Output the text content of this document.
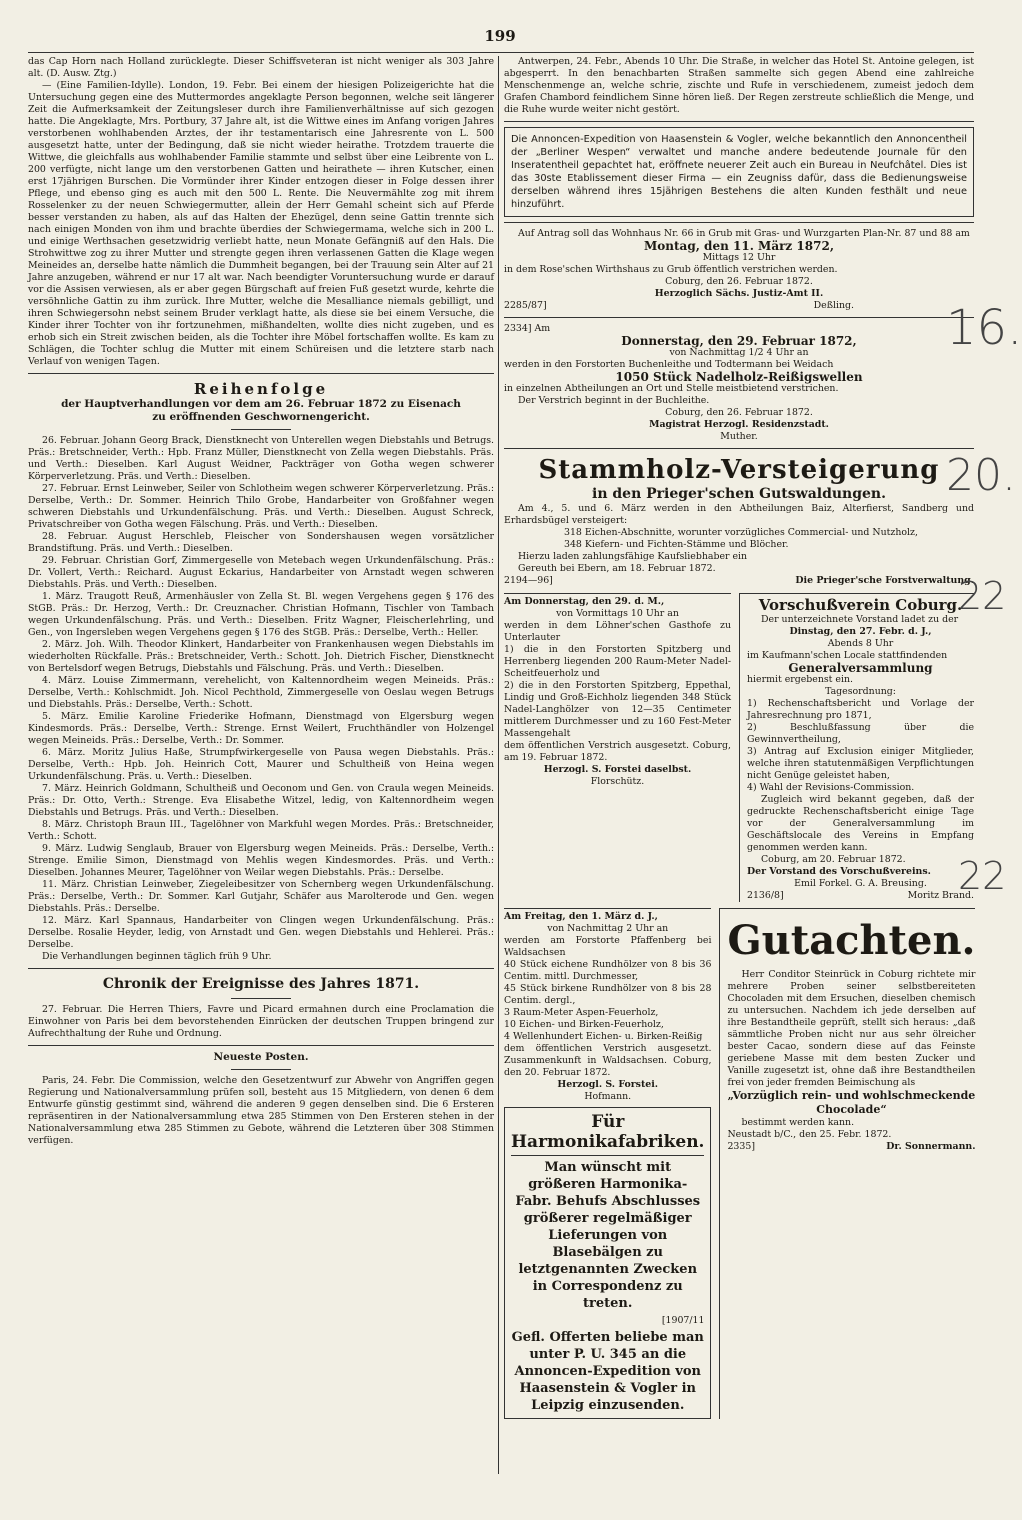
199

das Cap Horn nach Holland zurücklegte. Dieser Schiffsveteran ist nicht weniger als 303 Jahre alt. (D. Ausw. Ztg.)

— (Eine Familien-Idylle). London, 19. Febr. Bei einem der hiesigen Polizeigerichte hat die Untersuchung gegen eine des Muttermordes angeklagte Person begonnen, welche seit längerer Zeit die Aufmerksamkeit der Zeitungsleser durch ihre Familienverhältnisse auf sich gezogen hatte. Die Angeklagte, Mrs. Portbury, 37 Jahre alt, ist die Wittwe eines im Anfang vorigen Jahres verstorbenen wohlhabenden Arztes, der ihr testamentarisch eine Jahresrente von L. 500 ausgesetzt hatte, unter der Bedingung, daß sie nicht wieder heirathe. Trotzdem trauerte die Wittwe, die gleichfalls aus wohlhabender Familie stammte und selbst über eine Leibrente von L. 200 verfügte, nicht lange um den verstorbenen Gatten und heirathete — ihren Kutscher, einen erst 17jährigen Burschen. Die Vormünder ihrer Kinder entzogen dieser in Folge dessen ihrer Pflege, und ebenso ging es auch mit den 500 L. Rente. Die Neuvermählte zog mit ihrem Rosselenker zu der neuen Schwiegermutter, allein der Herr Gemahl scheint sich auf Pferde besser verstanden zu haben, als auf das Halten der Ehezügel, denn seine Gattin trennte sich nach einigen Monden von ihm und brachte überdies der Schwiegermama, welche sich in 200 L. und einige Werthsachen gesetzwidrig verliebt hatte, neun Monate Gefängniß auf den Hals. Die Strohwittwe zog zu ihrer Mutter und strengte gegen ihren verlassenen Gatten die Klage wegen Meineides an, derselbe hatte nämlich die Dummheit begangen, bei der Trauung sein Alter auf 21 Jahre anzugeben, während er nur 17 alt war. Nach beendigter Voruntersuchung wurde er darauf vor die Assisen verwiesen, als er aber gegen Bürgschaft auf freien Fuß gesetzt wurde, kehrte die versöhnliche Gattin zu ihm zurück. Ihre Mutter, welche die Mesalliance niemals gebilligt, und ihren Schwiegersohn nebst seinem Bruder verklagt hatte, als diese sie bei einem Versuche, die Kinder ihrer Tochter von ihr fortzunehmen, mißhandelten, wollte dies nicht zugeben, und es erhob sich ein Streit zwischen beiden, als die Tochter ihre Möbel fortschaffen wollte. Es kam zu Schlägen, die Tochter schlug die Mutter mit einem Schüreisen und die letztere starb nach Verlauf von wenigen Tagen.

Reihenfolge
der Hauptverhandlungen vor dem am 26. Februar 1872 zu Eisenach
zu eröffnenden Geschwornengericht.

26. Februar. Johann Georg Brack, Dienstknecht von Unterellen wegen Diebstahls und Betrugs. Präs.: Bretschneider, Verth.: Hpb. Franz Müller, Dienstknecht von Zella wegen Diebstahls. Präs. und Verth.: Dieselben. Karl August Weidner, Packträger von Gotha wegen schwerer Körperverletzung. Präs. und Verth.: Dieselben.

27. Februar. Ernst Leinweber, Seiler von Schlotheim wegen schwerer Körperverletzung. Präs.: Derselbe, Verth.: Dr. Sommer. Heinrich Thilo Grobe, Handarbeiter von Großfahner wegen schweren Diebstahls und Urkundenfälschung. Präs. und Verth.: Dieselben. August Schreck, Privatschreiber von Gotha wegen Fälschung. Präs. und Verth.: Dieselben.

28. Februar. August Herschleb, Fleischer von Sondershausen wegen vorsätzlicher Brandstiftung. Präs. und Verth.: Dieselben.

29. Februar. Christian Gorf, Zimmergeselle von Metebach wegen Urkundenfälschung. Präs.: Dr. Vollert, Verth.: Reichard. August Eckarius, Handarbeiter von Arnstadt wegen schweren Diebstahls. Präs. und Verth.: Dieselben.

1. März. Traugott Reuß, Armenhäusler von Zella St. Bl. wegen Vergehens gegen § 176 des StGB. Präs.: Dr. Herzog, Verth.: Dr. Creuznacher. Christian Hofmann, Tischler von Tambach wegen Urkundenfälschung. Präs. und Verth.: Dieselben. Fritz Wagner, Fleischerlehrling, und Gen., von Ingersleben wegen Vergehens gegen § 176 des StGB. Präs.: Derselbe, Verth.: Heller.

2. März. Joh. Wilh. Theodor Klinkert, Handarbeiter von Frankenhausen wegen Diebstahls im wiederholten Rückfalle. Präs.: Bretschneider, Verth.: Schott. Joh. Dietrich Fischer, Dienstknecht von Bertelsdorf wegen Betrugs, Diebstahls und Fälschung. Präs. und Verth.: Dieselben.

4. März. Louise Zimmermann, verehelicht, von Kaltennordheim wegen Meineids. Präs.: Derselbe, Verth.: Kohlschmidt. Joh. Nicol Pechthold, Zimmergeselle von Oeslau wegen Betrugs und Diebstahls. Präs.: Derselbe, Verth.: Schott.

5. März. Emilie Karoline Friederike Hofmann, Dienstmagd von Elgersburg wegen Kindesmords. Präs.: Derselbe, Verth.: Strenge. Ernst Weilert, Fruchthändler von Holzengel wegen Meineids. Präs.: Derselbe, Verth.: Dr. Sommer.

6. März. Moritz Julius Haße, Strumpfwirkergeselle von Pausa wegen Diebstahls. Präs.: Derselbe, Verth.: Hpb. Joh. Heinrich Cott, Maurer und Schultheiß von Heina wegen Urkundenfälschung. Präs. u. Verth.: Dieselben.

7. März. Heinrich Goldmann, Schultheiß und Oeconom und Gen. von Craula wegen Meineids. Präs.: Dr. Otto, Verth.: Strenge. Eva Elisabethe Witzel, ledig, von Kaltennordheim wegen Diebstahls und Betrugs. Präs. und Verth.: Dieselben.

8. März. Christoph Braun III., Tagelöhner von Markfuhl wegen Mordes. Präs.: Bretschneider, Verth.: Schott.

9. März. Ludwig Senglaub, Brauer von Elgersburg wegen Meineids. Präs.: Derselbe, Verth.: Strenge. Emilie Simon, Dienstmagd von Mehlis wegen Kindesmordes. Präs. und Verth.: Dieselben. Johannes Meurer, Tagelöhner von Weilar wegen Diebstahls. Präs.: Derselbe.

11. März. Christian Leinweber, Ziegeleibesitzer von Schernberg wegen Urkundenfälschung. Präs.: Derselbe, Verth.: Dr. Sommer. Karl Gutjahr, Schäfer aus Marolterode und Gen. wegen Diebstahls. Präs.: Derselbe.

12. März. Karl Spannaus, Handarbeiter von Clingen wegen Urkundenfälschung. Präs.: Derselbe. Rosalie Heyder, ledig, von Arnstadt und Gen. wegen Diebstahls und Hehlerei. Präs.: Derselbe.

Die Verhandlungen beginnen täglich früh 9 Uhr.

Chronik der Ereignisse des Jahres 1871.

27. Februar. Die Herren Thiers, Favre und Picard ermahnen durch eine Proclamation die Einwohner von Paris bei dem bevorstehenden Einrücken der deutschen Truppen bringend zur Aufrechthaltung der Ruhe und Ordnung.

Neueste Posten.

Paris, 24. Febr. Die Commission, welche den Gesetzentwurf zur Abwehr von Angriffen gegen Regierung und Nationalversammlung prüfen soll, besteht aus 15 Mitgliedern, von denen 6 dem Entwurfe günstig gestimmt sind, während die anderen 9 gegen denselben sind. Die 6 Ersteren repräsentiren in der Nationalversammlung etwa 285 Stimmen von Den Ersteren stehen in der Nationalversammlung etwa 285 Stimmen zu Gebote, während die Letzteren über 308 Stimmen verfügen.

Antwerpen, 24. Febr., Abends 10 Uhr. Die Straße, in welcher das Hotel St. Antoine gelegen, ist abgesperrt. In den benachbarten Straßen sammelte sich gegen Abend eine zahlreiche Menschenmenge an, welche schrie, zischte und Rufe in verschiedenem, zumeist jedoch dem Grafen Chambord feindlichem Sinne hören ließ. Der Regen zerstreute schließlich die Menge, und die Ruhe wurde weiter nicht gestört.

Die Annoncen-Expedition von Haasenstein & Vogler, welche bekanntlich den Annoncentheil der „Berliner Wespen“ verwaltet und manche andere bedeutende Journale für den Inseratentheil gepachtet hat, eröffnete neuerer Zeit auch ein Bureau in Neufchâtel. Dies ist das 30ste Etablissement dieser Firma — ein Zeugniss dafür, dass die Bedienungsweise derselben während ihres 15jährigen Bestehens die alten Kunden festhält und neue hinzuführt.

Auf Antrag soll das Wohnhaus Nr. 66 in Grub mit Gras- und Wurzgarten Plan-Nr. 87 und 88 am

Montag, den 11. März 1872,
Mittags 12 Uhr

in dem Rose'schen Wirthshaus zu Grub öffentlich verstrichen werden.

Coburg, den 26. Februar 1872.
Herzoglich Sächs. Justiz-Amt II.
2285/87]	Deßling.
2334] Am
Donnerstag, den 29. Februar 1872,
von Nachmittag 1/2 4 Uhr an

werden in den Forstorten Buchenleithe und Todtermann bei Weidach

1050 Stück Nadelholz-Reißigswellen

in einzelnen Abtheilungen an Ort und Stelle meistbietend verstrichen.

Der Verstrich beginnt in der Buchleithe.

Coburg, den 26. Februar 1872.
Magistrat Herzogl. Residenzstadt.
Muther.
Stammholz-Versteigerung
in den Prieger'schen Gutswaldungen.

Am 4., 5. und 6. März werden in den Abtheilungen Baiz, Alterfierst, Sandberg und Erhardsbügel versteigert:

318 Eichen-Abschnitte, worunter vorzügliches Commercial- und Nutzholz,

348 Kiefern- und Fichten-Stämme und Blöcher.

Hierzu laden zahlungsfähige Kaufsliebhaber ein

Gereuth bei Ebern, am 18. Februar 1872.

2194—96]	Die Prieger'sche Forstverwaltung.
Am Donnerstag, den 29. d. M.,
von Vormittags 10 Uhr an

werden in dem Löhner'schen Gasthofe zu Unterlauter

1) die in den Forstorten Spitzberg und Herrenberg liegenden 200 Raum-Meter Nadel-Scheitfeuerholz und

2) die in den Forstorten Spitzberg, Eppethal, Lindig und Groß-Eichholz liegenden 348 Stück Nadel-Langhölzer von 12—35 Centimeter mittlerem Durchmesser und zu 160 Fest-Meter Massengehalt

dem öffentlichen Verstrich ausgesetzt. Coburg, am 19. Februar 1872.

Herzogl. S. Forstei daselbst.
Florschütz.
Vorschußverein Coburg.

Der unterzeichnete Vorstand ladet zu der

Dinstag, den 27. Febr. d. J.,
Abends 8 Uhr

im Kaufmann'schen Locale stattfindenden

Generalversammlung

hiermit ergebenst ein.

Tagesordnung:

1) Rechenschaftsbericht und Vorlage der Jahresrechnung pro 1871,

2) Beschlußfassung über die Gewinnvertheilung,

3) Antrag auf Exclusion einiger Mitglieder, welche ihren statutenmäßigen Verpflichtungen nicht Genüge geleistet haben,

4) Wahl der Revisions-Commission.

Zugleich wird bekannt gegeben, daß der gedruckte Rechenschaftsbericht einige Tage vor der Generalversammlung im Geschäftslocale des Vereins in Empfang genommen werden kann.

Coburg, am 20. Februar 1872.

Der Vorstand des Vorschußvereins.
Emil Forkel. G. A. Breusing.
2136/8]	Moritz Brand.
Am Freitag, den 1. März d. J.,
von Nachmittag 2 Uhr an

werden am Forstorte Pfaffenberg bei Waldsachsen

40 Stück eichene Rundhölzer von 8 bis 36 Centim. mittl. Durchmesser,

45 Stück birkene Rundhölzer von 8 bis 28 Centim. dergl.,

3 Raum-Meter Aspen-Feuerholz,

10 Eichen- und Birken-Feuerholz,

4 Wellenhundert Eichen- u. Birken-Reißig

dem öffentlichen Verstrich ausgesetzt. Zusammenkunft in Waldsachsen. Coburg, den 20. Februar 1872.

Herzogl. S. Forstei.
Hofmann.
Für Harmonikafabriken.
Man wünscht mit größeren Harmonika-Fabr. Behufs Abschlusses größerer regelmäßiger Lieferungen von Blasebälgen zu letztgenannten Zwecken in Correspondenz zu treten.
[1907/11
Gefl. Offerten beliebe man unter P. U. 345 an die Annoncen-Expedition von Haasenstein & Vogler in Leipzig einzusenden.
Gutachten.

Herr Conditor Steinrück in Coburg richtete mir mehrere Proben seiner selbstbereiteten Chocoladen mit dem Ersuchen, dieselben chemisch zu untersuchen. Nachdem ich jede derselben auf ihre Bestandtheile geprüft, stellt sich heraus: „daß sämmtliche Proben nicht nur aus sehr ölreicher bester Cacao, sondern diese auf das Feinste geriebene Masse mit dem besten Zucker und Vanille zugesetzt ist, ohne daß ihre Bestandtheilen frei von jeder fremden Beimischung als

„Vorzüglich rein- und wohlschmeckende Chocolade“

bestimmt werden kann.

Neustadt b/C., den 25. Febr. 1872.

2335]	Dr. Sonnermann.
16.
20.
22
22
